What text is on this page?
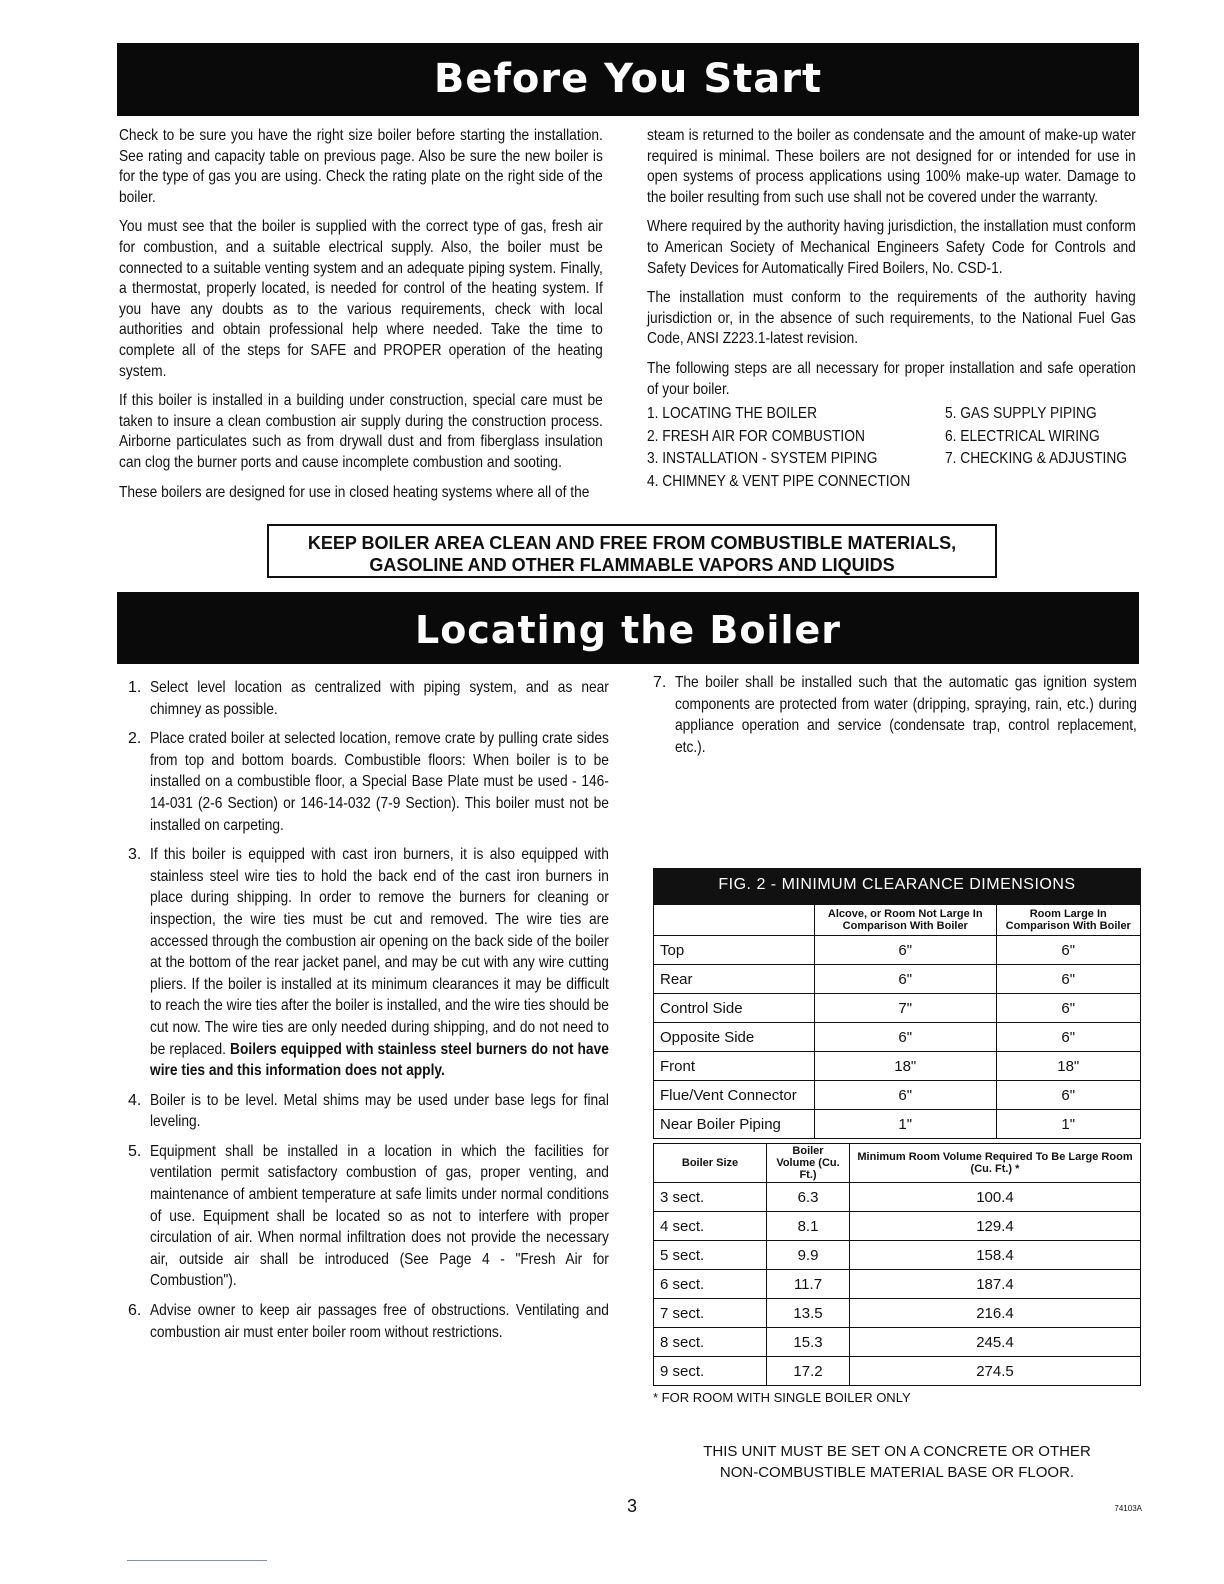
Before You Start

Check to be sure you have the right size boiler before starting the installation. See rating and capacity table on previous page. Also be sure the new boiler is for the type of gas you are using. Check the rating plate on the right side of the boiler.

You must see that the boiler is supplied with the correct type of gas, fresh air for combustion, and a suitable electrical supply. Also, the boiler must be connected to a suitable venting system and an adequate piping system. Finally, a thermostat, properly located, is needed for control of the heating system. If you have any doubts as to the various requirements, check with local authorities and obtain professional help where needed. Take the time to complete all of the steps for SAFE and PROPER operation of the heating system.

If this boiler is installed in a building under construction, special care must be taken to insure a clean combustion air supply during the construction process. Airborne particulates such as from drywall dust and from fiberglass insulation can clog the burner ports and cause incomplete combustion and sooting.

These boilers are designed for use in closed heating systems where all of the

steam is returned to the boiler as condensate and the amount of make-up water required is minimal. These boilers are not designed for or intended for use in open systems of process applications using 100% make-up water. Damage to the boiler resulting from such use shall not be covered under the warranty.

Where required by the authority having jurisdiction, the installation must conform to American Society of Mechanical Engineers Safety Code for Controls and Safety Devices for Automatically Fired Boilers, No. CSD-1.

The installation must conform to the requirements of the authority having jurisdiction or, in the absence of such requirements, to the National Fuel Gas Code, ANSI Z223.1-latest revision.

The following steps are all necessary for proper installation and safe operation of your boiler.

1. LOCATING THE BOILER
2. FRESH AIR FOR COMBUSTION
3. INSTALLATION - SYSTEM PIPING
4. CHIMNEY & VENT PIPE CONNECTION
5. GAS SUPPLY PIPING
6. ELECTRICAL WIRING
7. CHECKING & ADJUSTING
KEEP BOILER AREA CLEAN AND FREE FROM COMBUSTIBLE MATERIALS,
GASOLINE AND OTHER FLAMMABLE VAPORS AND LIQUIDS
Locating the Boiler
1. Select level location as centralized with piping system, and as near chimney as possible.
2. Place crated boiler at selected location, remove crate by pulling crate sides from top and bottom boards. Combustible floors: When boiler is to be installed on a combustible floor, a Special Base Plate must be used - 146-14-031 (2-6 Section) or 146-14-032 (7-9 Section). This boiler must not be installed on carpeting.
3. If this boiler is equipped with cast iron burners, it is also equipped with stainless steel wire ties to hold the back end of the cast iron burners in place during shipping. In order to remove the burners for cleaning or inspection, the wire ties must be cut and removed. The wire ties are accessed through the combustion air opening on the back side of the boiler at the bottom of the rear jacket panel, and may be cut with any wire cutting pliers. If the boiler is installed at its minimum clearances it may be difficult to reach the wire ties after the boiler is installed, and the wire ties should be cut now. The wire ties are only needed during shipping, and do not need to be replaced. Boilers equipped with stainless steel burners do not have wire ties and this information does not apply.
4. Boiler is to be level. Metal shims may be used under base legs for final leveling.
5. Equipment shall be installed in a location in which the facilities for ventilation permit satisfactory combustion of gas, proper venting, and maintenance of ambient temperature at safe limits under normal conditions of use. Equipment shall be located so as not to interfere with proper circulation of air. When normal infiltration does not provide the necessary air, outside air shall be introduced (See Page 4 - "Fresh Air for Combustion").
6. Advise owner to keep air passages free of obstructions. Ventilating and combustion air must enter boiler room without restrictions.
7. The boiler shall be installed such that the automatic gas ignition system components are protected from water (dripping, spraying, rain, etc.) during appliance operation and service (condensate trap, control replacement, etc.).
FIG. 2 - MINIMUM CLEARANCE DIMENSIONS
	Alcove, or Room Not Large In Comparison With Boiler	Room Large In Comparison With Boiler
Top	6"	6"
Rear	6"	6"
Control Side	7"	6"
Opposite Side	6"	6"
Front	18"	18"
Flue/Vent Connector	6"	6"
Near Boiler Piping	1"	1"
Boiler Size	Boiler Volume (Cu. Ft.)	Minimum Room Volume Required To Be Large Room (Cu. Ft.) *
3 sect.	6.3	100.4
4 sect.	8.1	129.4
5 sect.	9.9	158.4
6 sect.	11.7	187.4
7 sect.	13.5	216.4
8 sect.	15.3	245.4
9 sect.	17.2	274.5
* FOR ROOM WITH SINGLE BOILER ONLY
THIS UNIT MUST BE SET ON A CONCRETE OR OTHER
NON-COMBUSTIBLE MATERIAL BASE OR FLOOR.
3	74103A
